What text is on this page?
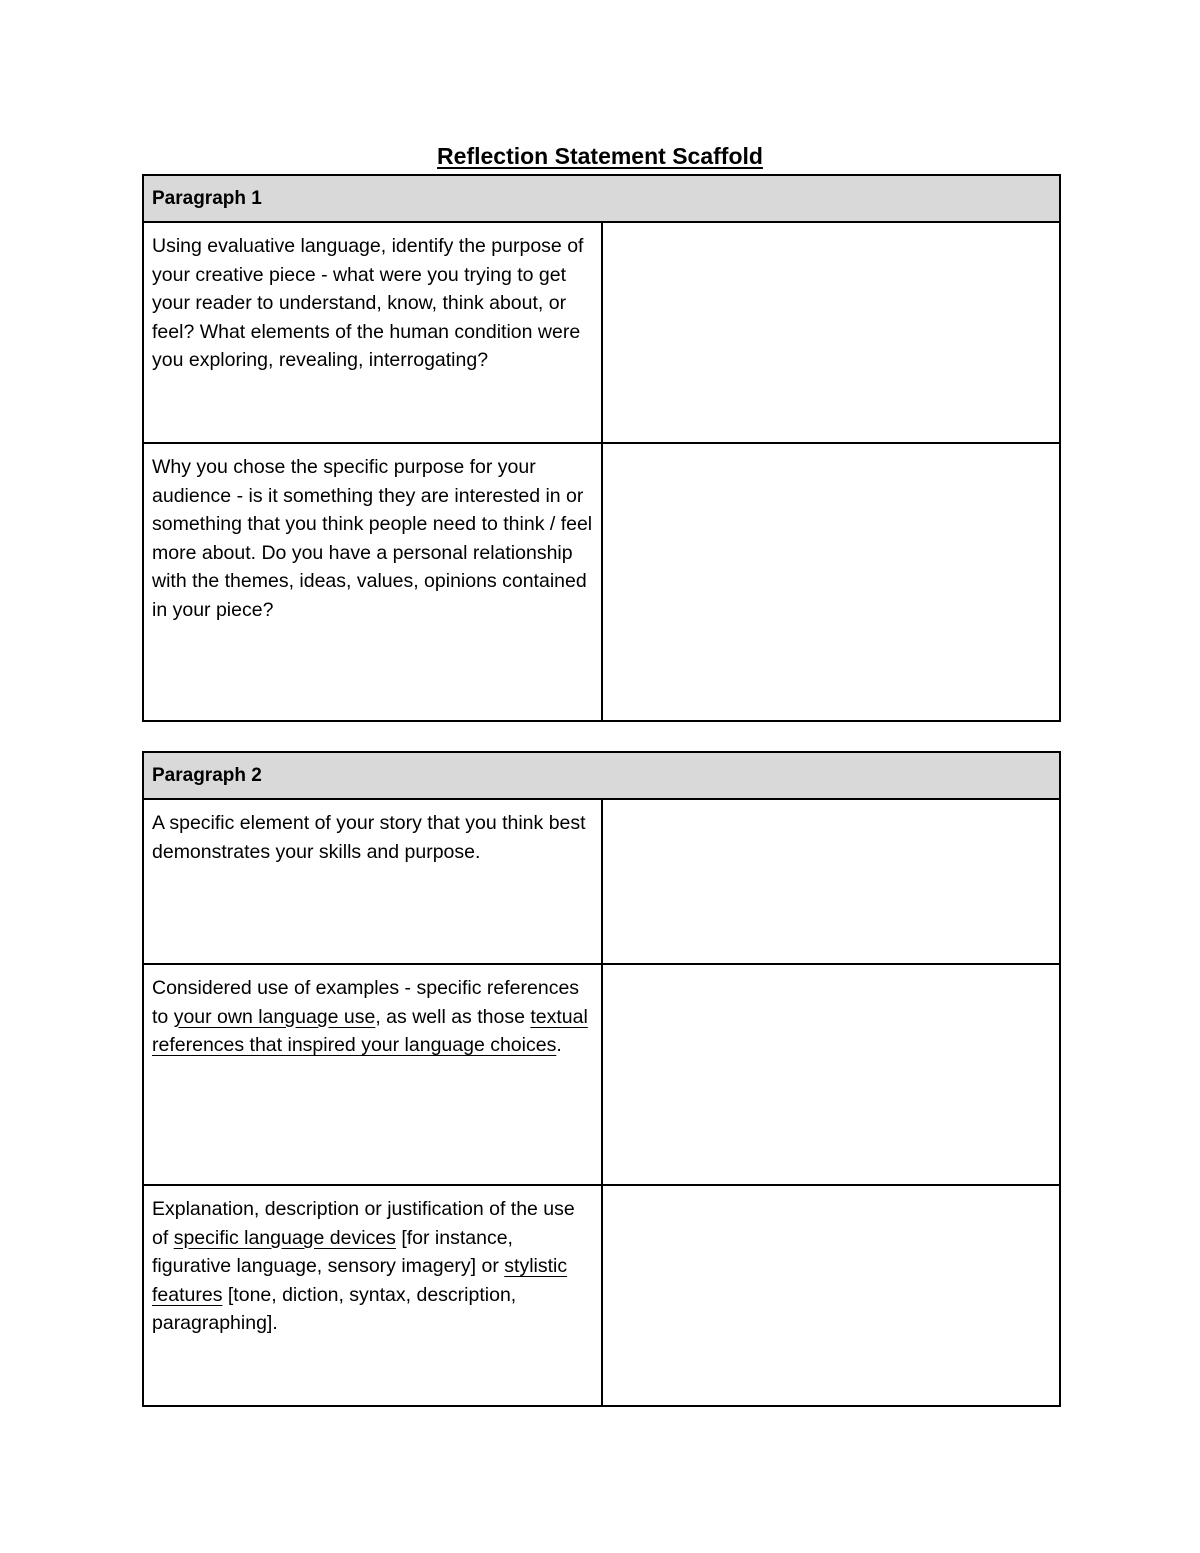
Reflection Statement Scaffold
Paragraph 1	
Using evaluative language, identify the purpose of your creative piece - what were you trying to get your reader to understand, know, think about, or feel? What elements of the human condition were you exploring, revealing, interrogating?	
Why you chose the specific purpose for your audience - is it something they are interested in or something that you think people need to think / feel more about. Do you have a personal relationship with the themes, ideas, values, opinions contained in your piece?	
Paragraph 2	
A specific element of your story that you think best demonstrates your skills and purpose.	
Considered use of examples - specific references to your own language use, as well as those textual references that inspired your language choices.	
Explanation, description or justification of the use of specific language devices [for instance, figurative language, sensory imagery] or stylistic features [tone, diction, syntax, description, paragraphing].	
